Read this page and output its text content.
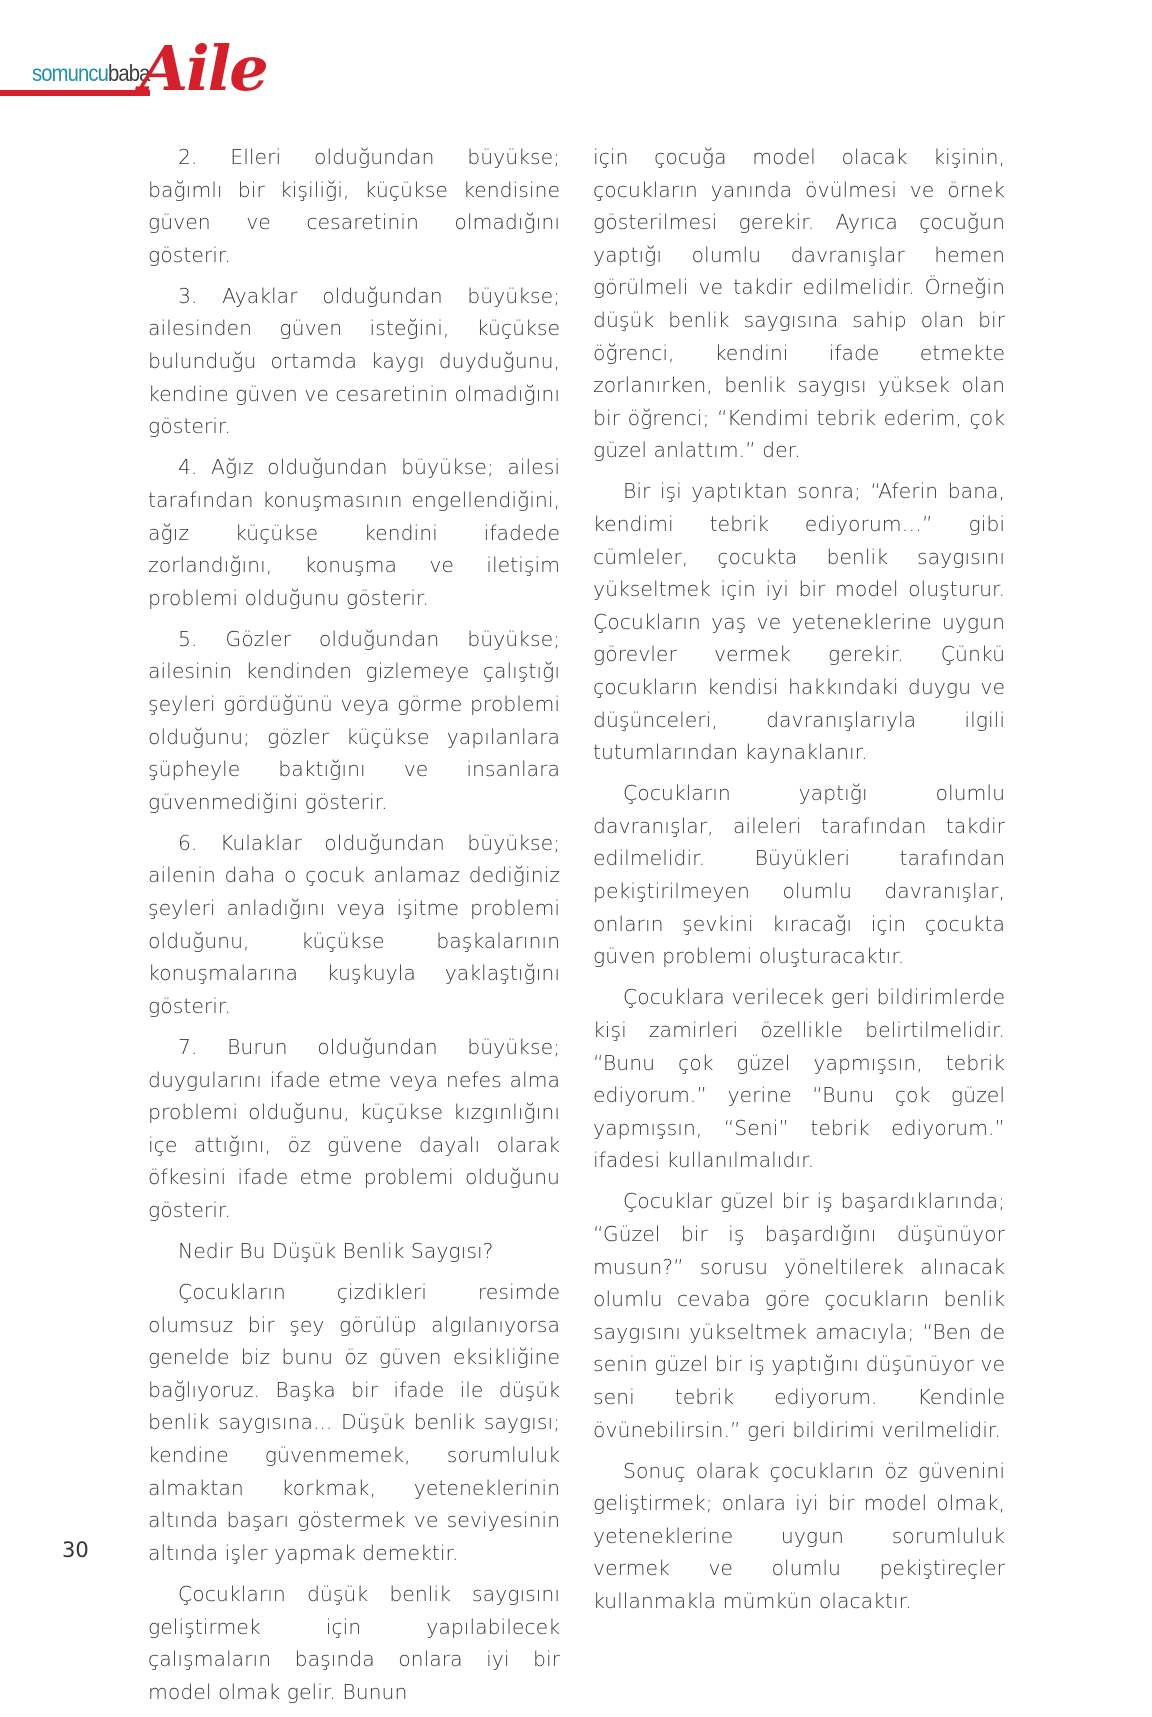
somuncubaba
Aile

2. Elleri olduğundan büyükse; bağımlı bir kişiliği, küçükse kendisine güven ve cesaretinin olmadığını gösterir.

3. Ayaklar olduğundan büyükse; ailesinden güven isteğini, küçükse bulunduğu ortamda kaygı duyduğunu, kendine güven ve cesaretinin olmadığını gösterir.

4. Ağız olduğundan büyükse; ailesi tarafından konuşmasının engellendiğini, ağız küçükse kendini ifadede zorlandığını, konuşma ve iletişim problemi olduğunu gösterir.

5. Gözler olduğundan büyükse; ailesinin kendinden gizlemeye çalıştığı şeyleri gördüğünü veya görme problemi olduğunu; gözler küçükse yapılanlara şüpheyle baktığını ve insanlara güvenmediğini gösterir.

6. Kulaklar olduğundan büyükse; ailenin daha o çocuk anlamaz dediğiniz şeyleri anladığını veya işitme problemi olduğunu, küçükse başkalarının konuşmalarına kuşkuyla yaklaştığını gösterir.

7. Burun olduğundan büyükse; duygularını ifade etme veya nefes alma problemi olduğunu, küçükse kızgınlığını içe attığını, öz güvene dayalı olarak öfkesini ifade etme problemi olduğunu gösterir.

Nedir Bu Düşük Benlik Saygısı?

Çocukların çizdikleri resimde olumsuz bir şey görülüp algılanıyorsa genelde biz bunu öz güven eksikliğine bağlıyoruz. Başka bir ifade ile düşük benlik saygısına... Düşük benlik saygısı; kendine güvenmemek, sorumluluk almaktan korkmak, yeteneklerinin altında başarı göstermek ve seviyesinin altında işler yapmak demektir.

Çocukların düşük benlik saygısını geliştirmek için yapılabilecek çalışmaların başında onlara iyi bir model olmak gelir. Bunun

için çocuğa model olacak kişinin, çocukların yanında övülmesi ve örnek gösterilmesi gerekir. Ayrıca çocuğun yaptığı olumlu davranışlar hemen görülmeli ve takdir edilmelidir. Örneğin düşük benlik saygısına sahip olan bir öğrenci, kendini ifade etmekte zorlanırken, benlik saygısı yüksek olan bir öğrenci; “Kendimi tebrik ederim, çok güzel anlattım.” der.

Bir işi yaptıktan sonra; “Aferin bana, kendimi tebrik ediyorum…” gibi cümleler, çocukta benlik saygısını yükseltmek için iyi bir model oluşturur. Çocukların yaş ve yeteneklerine uygun görevler vermek gerekir. Çünkü çocukların kendisi hakkındaki duygu ve düşünceleri, davranışlarıyla ilgili tutumlarından kaynaklanır.

Çocukların yaptığı olumlu davranışlar, aileleri tarafından takdir edilmelidir. Büyükleri tarafından pekiştirilmeyen olumlu davranışlar, onların şevkini kıracağı için çocukta güven problemi oluşturacaktır.

Çocuklara verilecek geri bildirimlerde kişi zamirleri özellikle belirtilmelidir. “Bunu çok güzel yapmışsın, tebrik ediyorum.” yerine “Bunu çok güzel yapmışsın, “Seni” tebrik ediyorum.” ifadesi kullanılmalıdır.

Çocuklar güzel bir iş başardıklarında; “Güzel bir iş başardığını düşünüyor musun?” sorusu yöneltilerek alınacak olumlu cevaba göre çocukların benlik saygısını yükseltmek amacıyla; “Ben de senin güzel bir iş yaptığını düşünüyor ve seni tebrik ediyorum. Kendinle övünebilirsin.” geri bildirimi verilmelidir.

Sonuç olarak çocukların öz güvenini geliştirmek; onlara iyi bir model olmak, yeteneklerine uygun sorumluluk vermek ve olumlu pekiştireçler kullanmakla mümkün olacaktır.

30
